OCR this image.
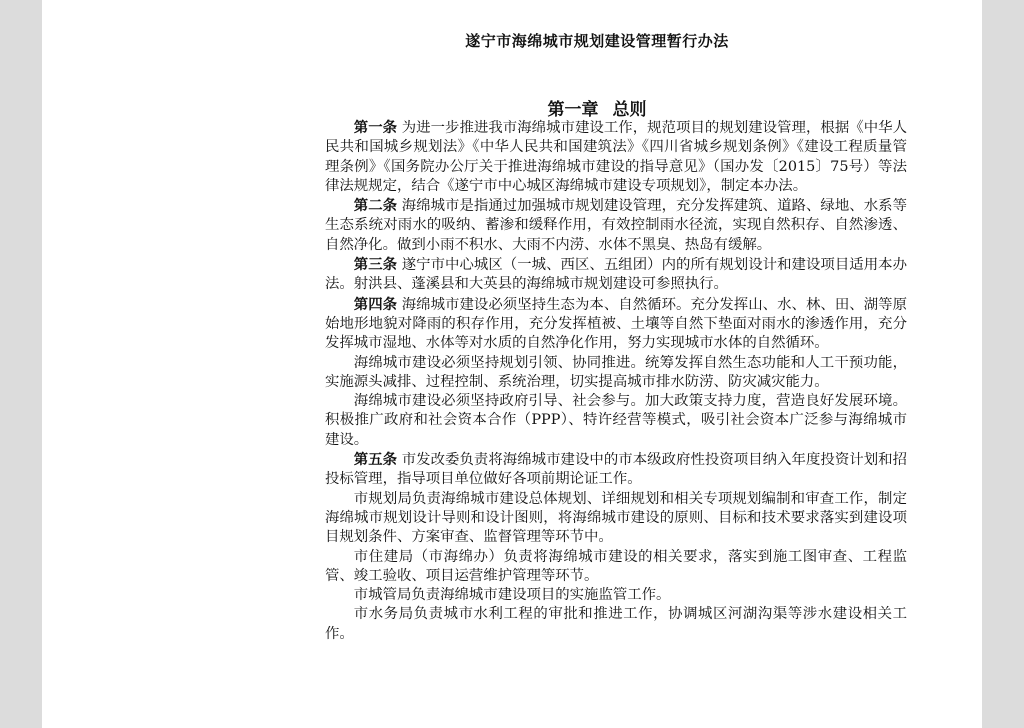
遂宁市海绵城市规划建设管理暂行办法
第一章 总则

第一条 为进一步推进我市海绵城市建设工作，规范项目的规划建设管理，根据《中华人民共和国城乡规划法》《中华人民共和国建筑法》《四川省城乡规划条例》《建设工程质量管理条例》《国务院办公厅关于推进海绵城市建设的指导意见》（国办发〔2015〕75号）等法律法规规定，结合《遂宁市中心城区海绵城市建设专项规划》，制定本办法。

第二条 海绵城市是指通过加强城市规划建设管理，充分发挥建筑、道路、绿地、水系等生态系统对雨水的吸纳、蓄渗和缓释作用，有效控制雨水径流，实现自然积存、自然渗透、自然净化。做到小雨不积水、大雨不内涝、水体不黑臭、热岛有缓解。

第三条 遂宁市中心城区（一城、西区、五组团）内的所有规划设计和建设项目适用本办法。射洪县、蓬溪县和大英县的海绵城市规划建设可参照执行。

第四条 海绵城市建设必须坚持生态为本、自然循环。充分发挥山、水、林、田、湖等原始地形地貌对降雨的积存作用，充分发挥植被、土壤等自然下垫面对雨水的渗透作用，充分发挥城市湿地、水体等对水质的自然净化作用，努力实现城市水体的自然循环。

海绵城市建设必须坚持规划引领、协同推进。统筹发挥自然生态功能和人工干预功能，实施源头减排、过程控制、系统治理，切实提高城市排水防涝、防灾减灾能力。

海绵城市建设必须坚持政府引导、社会参与。加大政策支持力度，营造良好发展环境。积极推广政府和社会资本合作（PPP）、特许经营等模式，吸引社会资本广泛参与海绵城市建设。

第五条 市发改委负责将海绵城市建设中的市本级政府性投资项目纳入年度投资计划和招投标管理，指导项目单位做好各项前期论证工作。

市规划局负责海绵城市建设总体规划、详细规划和相关专项规划编制和审查工作，制定海绵城市规划设计导则和设计图则，将海绵城市建设的原则、目标和技术要求落实到建设项目规划条件、方案审查、监督管理等环节中。

市住建局（市海绵办）负责将海绵城市建设的相关要求，落实到施工图审查、工程监管、竣工验收、项目运营维护管理等环节。

市城管局负责海绵城市建设项目的实施监管工作。

市水务局负责城市水利工程的审批和推进工作，协调城区河湖沟渠等涉水建设相关工作。
